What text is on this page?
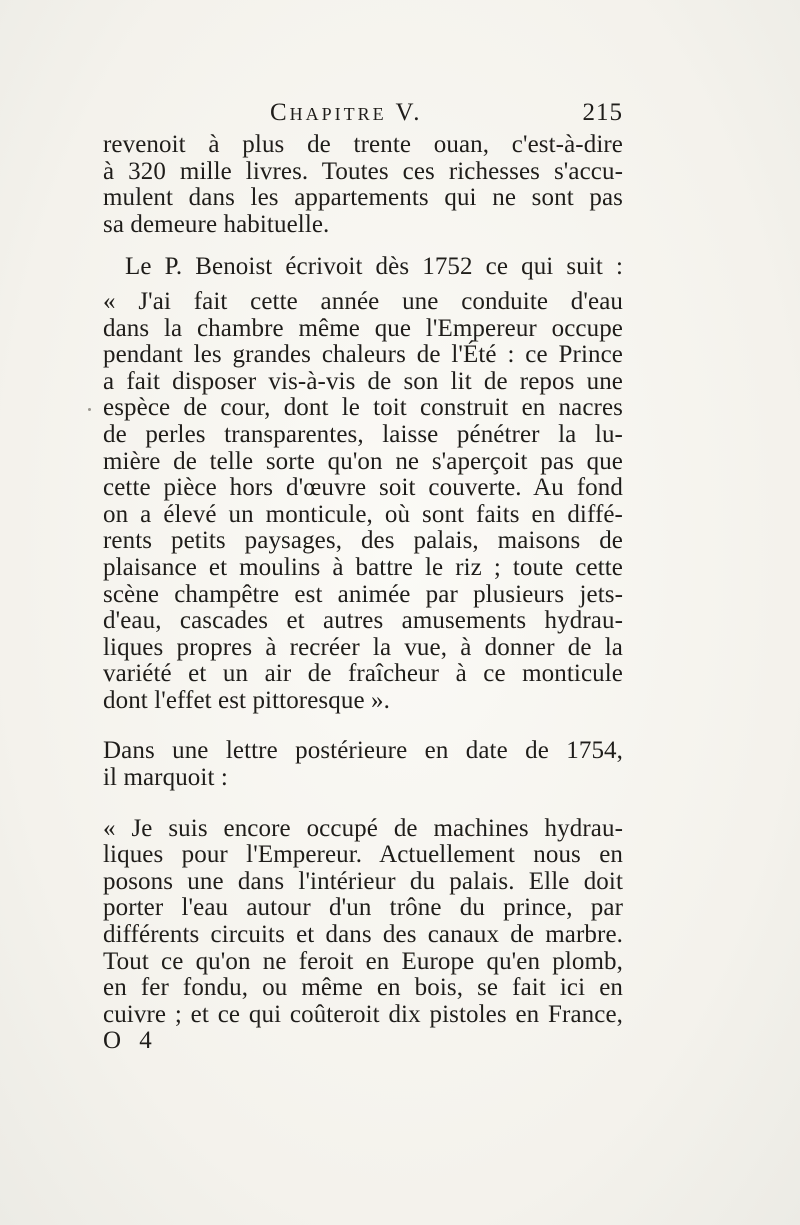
Chapitre V.	215
revenoit à plus de trente ouan, c'est-à-dire
à 320 mille livres. Toutes ces richesses s'accu-
mulent dans les appartements qui ne sont pas
sa demeure habituelle.
Le P. Benoist écrivoit dès 1752 ce qui suit :
« J'ai fait cette année une conduite d'eau
dans la chambre même que l'Empereur occupe
pendant les grandes chaleurs de l'Été : ce Prince
a fait disposer vis-à-vis de son lit de repos une
espèce de cour, dont le toit construit en nacres
de perles transparentes, laisse pénétrer la lu-
mière de telle sorte qu'on ne s'aperçoit pas que
cette pièce hors d'œuvre soit couverte. Au fond
on a élevé un monticule, où sont faits en diffé-
rents petits paysages, des palais, maisons de
plaisance et moulins à battre le riz ; toute cette
scène champêtre est animée par plusieurs jets-
d'eau, cascades et autres amusements hydrau-
liques propres à recréer la vue, à donner de la
variété et un air de fraîcheur à ce monticule
dont l'effet est pittoresque ».
Dans une lettre postérieure en date de 1754,
il marquoit :
« Je suis encore occupé de machines hydrau-
liques pour l'Empereur. Actuellement nous en
posons une dans l'intérieur du palais. Elle doit
porter l'eau autour d'un trône du prince, par
différents circuits et dans des canaux de marbre.
Tout ce qu'on ne feroit en Europe qu'en plomb,
en fer fondu, ou même en bois, se fait ici en
cuivre ; et ce qui coûteroit dix pistoles en France,
O 4
